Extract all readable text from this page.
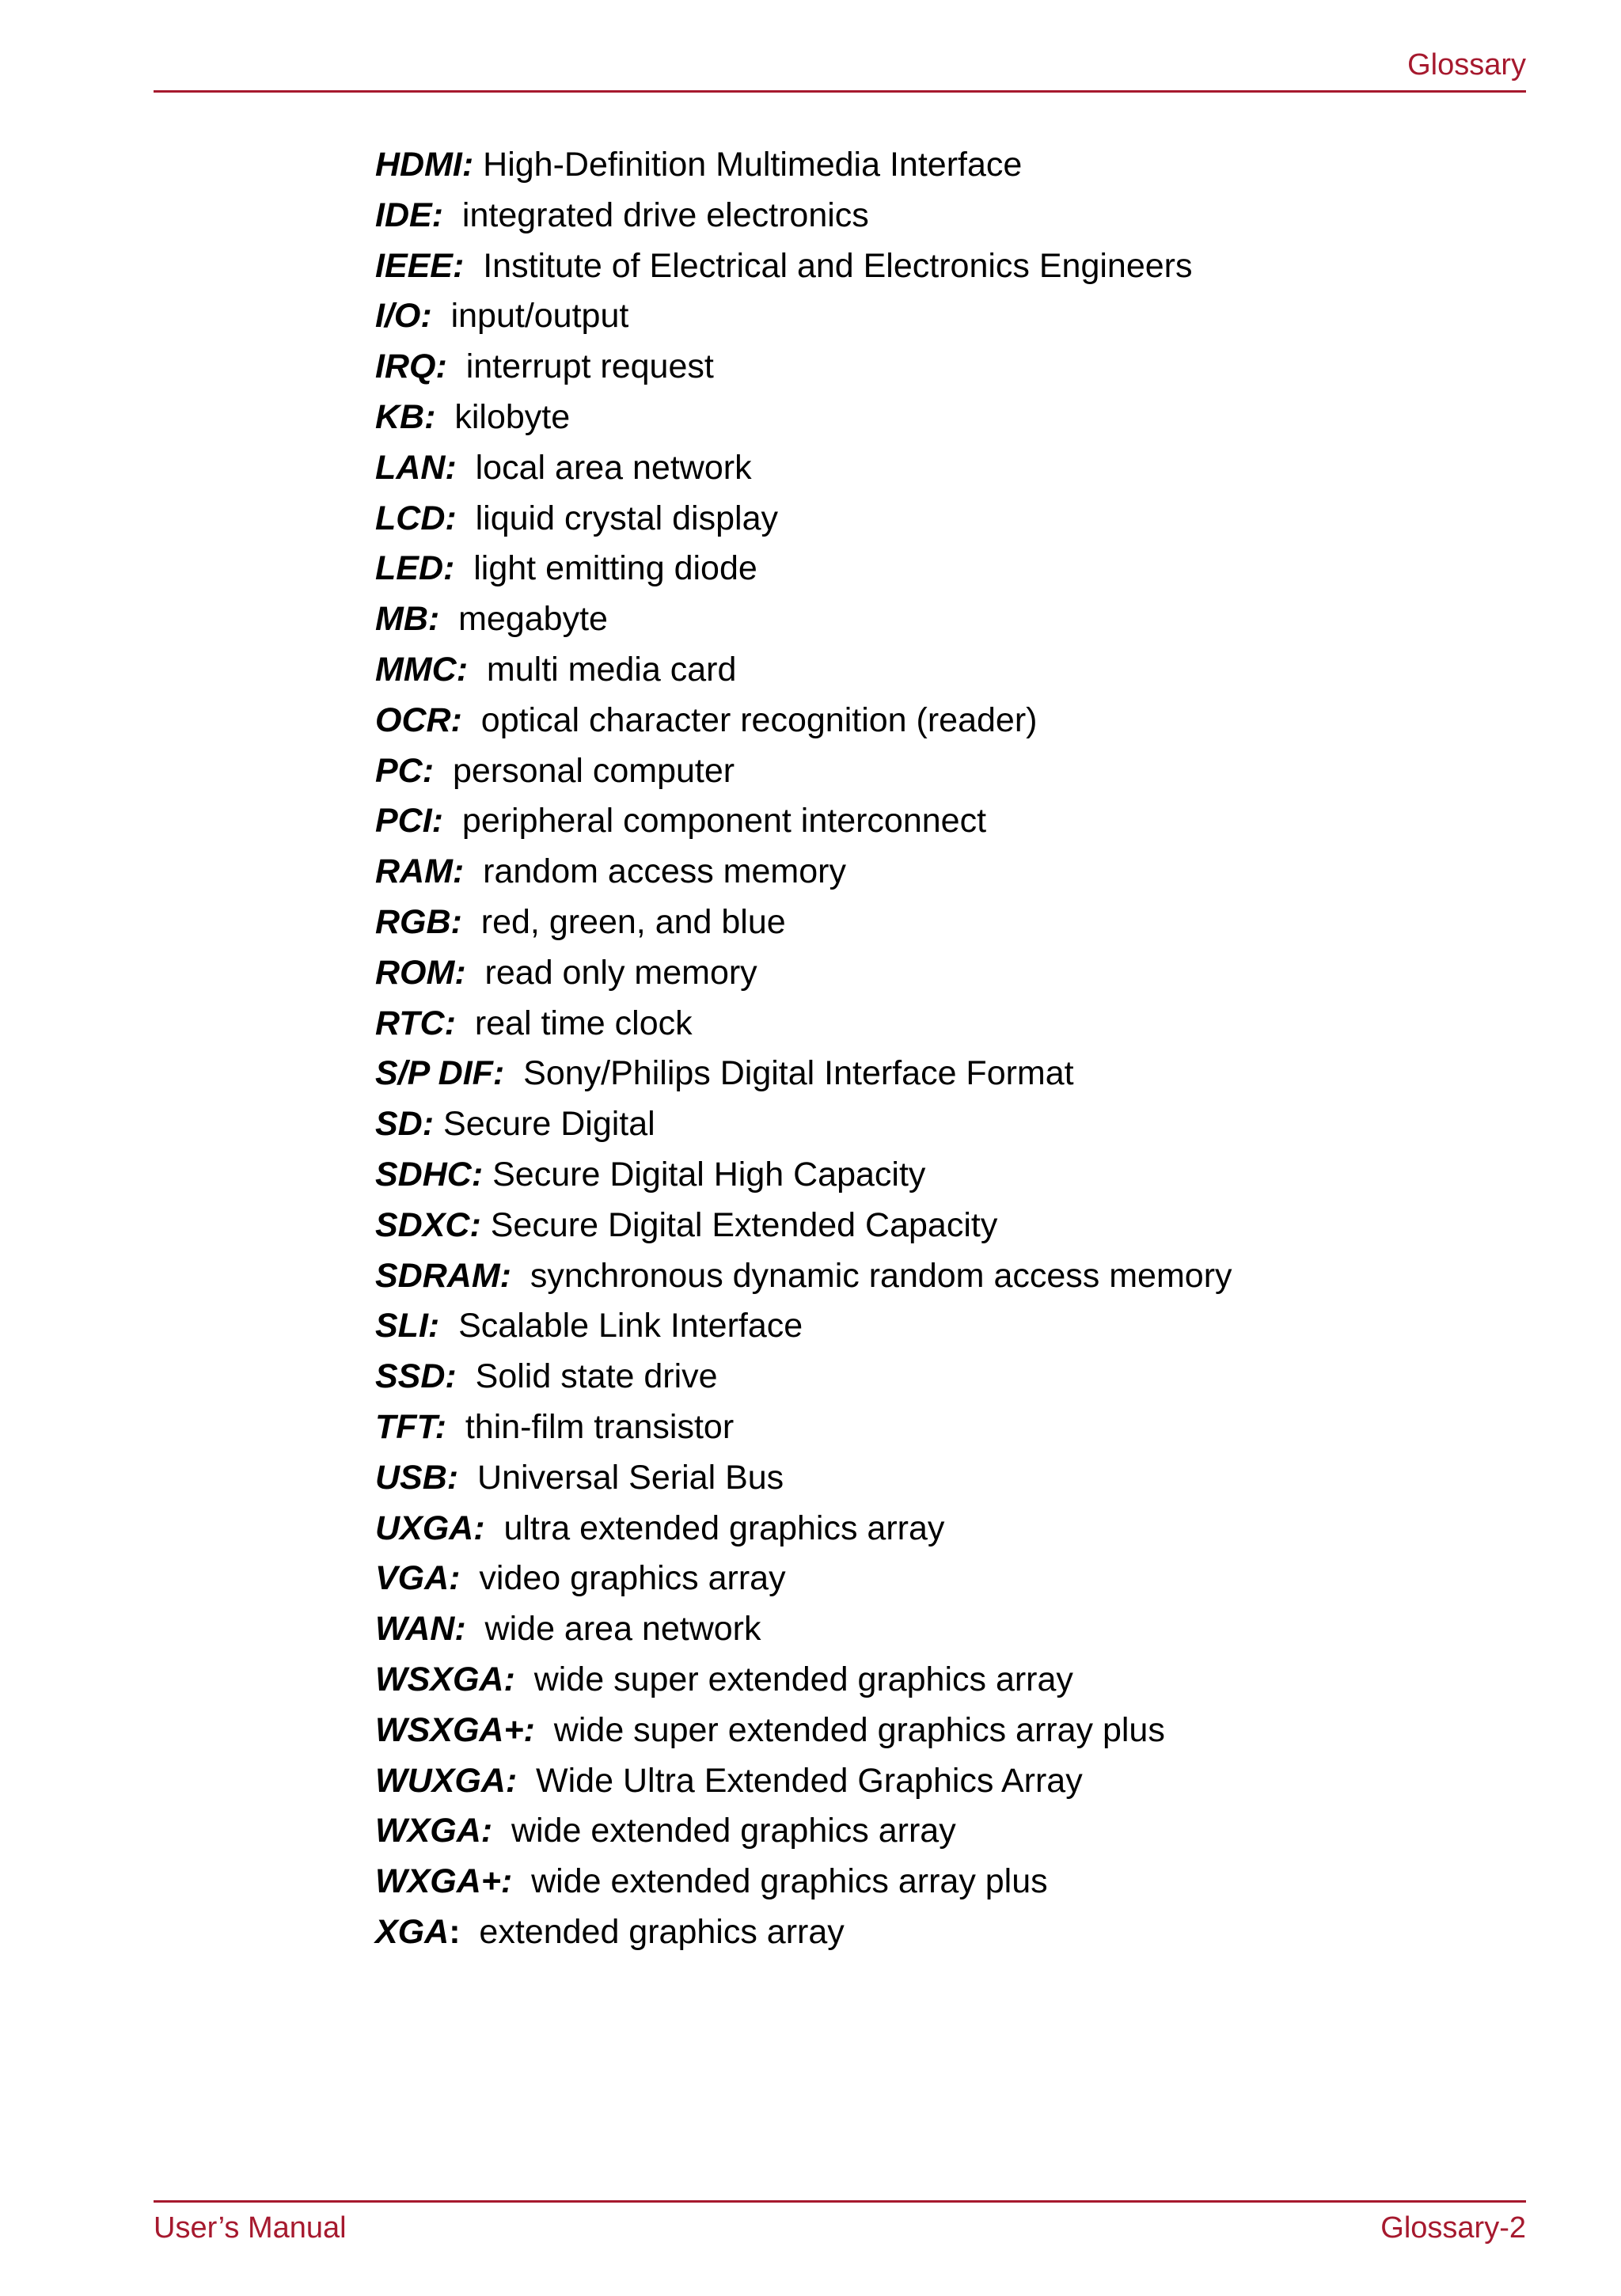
Glossary
HDMI: High-Definition Multimedia Interface
IDE: integrated drive electronics
IEEE: Institute of Electrical and Electronics Engineers
I/O: input/output
IRQ: interrupt request
KB: kilobyte
LAN: local area network
LCD: liquid crystal display
LED: light emitting diode
MB: megabyte
MMC: multi media card
OCR: optical character recognition (reader)
PC: personal computer
PCI: peripheral component interconnect
RAM: random access memory
RGB: red, green, and blue
ROM: read only memory
RTC: real time clock
S/P DIF: Sony/Philips Digital Interface Format
SD: Secure Digital
SDHC: Secure Digital High Capacity
SDXC: Secure Digital Extended Capacity
SDRAM: synchronous dynamic random access memory
SLI: Scalable Link Interface
SSD: Solid state drive
TFT: thin-film transistor
USB: Universal Serial Bus
UXGA: ultra extended graphics array
VGA: video graphics array
WAN: wide area network
WSXGA: wide super extended graphics array
WSXGA+: wide super extended graphics array plus
WUXGA: Wide Ultra Extended Graphics Array
WXGA: wide extended graphics array
WXGA+: wide extended graphics array plus
XGA: extended graphics array
User’s Manual	Glossary-2
